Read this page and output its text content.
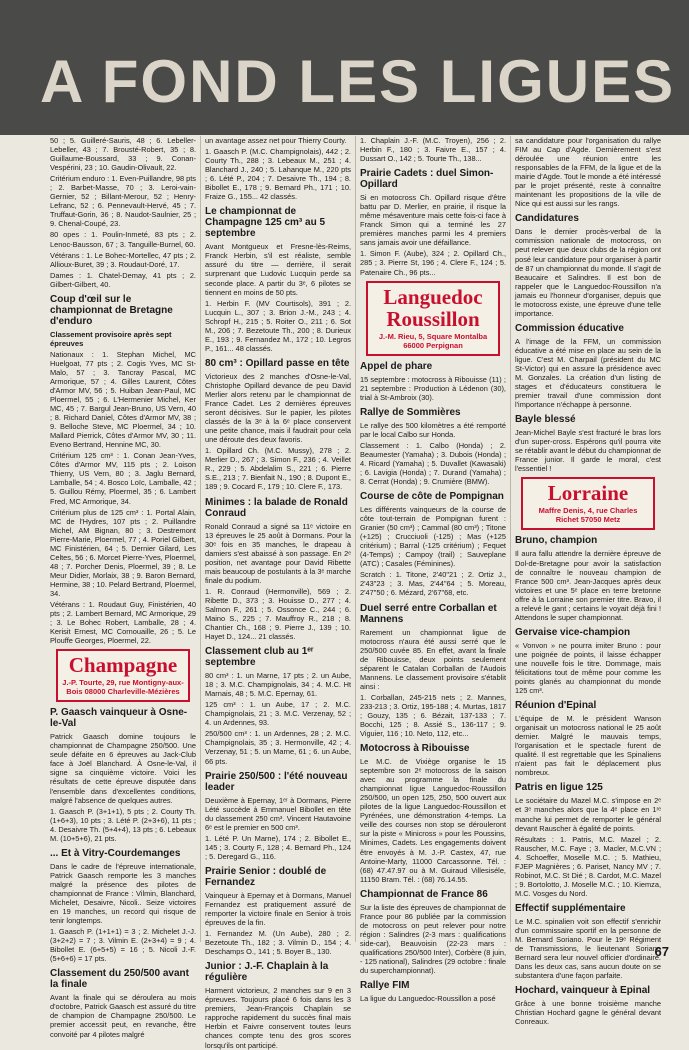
A FOND LES LIGUES

50 ; 5. Guilleré-Sauris, 48 ; 6. Lebeller-Lebeller, 43 ; 7. Brousté-Robert, 35 ; 8. Guillaume-Boussard, 33 ; 9. Conan-Vespérini, 23 ; 10. Gaudin-Olivault, 22.

Critérium enduro : 1. Even-Puillandre, 98 pts ; 2. Barbet-Masse, 70 ; 3. Leroi-vain-Gernier, 52 ; Billant-Merour, 52 ; Henry-Lefranc, 52 ; 6. Pennevault-Hervé, 45 ; 7. Truffaut-Gorin, 36 ; 8. Naudot-Saulnier, 25 ; 9. Chenal-Coupé, 23.

80 opes : 1. Poulin-Inmeté, 83 pts ; 2. Lenoc-Bausson, 67 ; 3. Tanguille-Burnel, 60.

Vétérans : 1. Le Bohec-Mortellec, 47 pts ; 2. Allioux-Buret, 39 ; 3. Roudaut-Doré, 17.

Dames : 1. Chatel-Demay, 41 pts ; 2. Gilbert-Gilbert, 40.

Coup d'œil sur le championnat de Bretagne d'enduro
Classement provisoire après sept épreuves

Nationaux : 1. Stephan Michel, MC Huelgoat, 77 pts ; 2. Cogis Yves, MC St-Malo, 57 ; 3. Tancray Pascal, MC Armorique, 57 ; 4. Gilles Laurent, Côtes d'Armor MV, 56 ; 5. Huiban Jean-Paul, MC Ploermel, 55 ; 6. L'Hermenier Michel, Ker MC, 45 ; 7. Bargul Jean-Bruno, US Vern, 40 ; 8. Richard Daniel, Côtes d'Armor MV, 38 ; 9. Belloche Steve, MC Ploermel, 34 ; 10. Mallard Pierrick, Côtes d'Armor MV, 30 ; 11. Evenо Bertrand, Hennine MC, 30.

Critérium 125 cm³ : 1. Conan Jean-Yves, Côtes d'Armor MV, 115 pts ; 2. Loison Thierry, US Vern, 80 ; 3. Jaglu Bernard, Lamballe, 54 ; 4. Bosco Loïc, Lamballe, 42 ; 5. Guillou Rémy, Ploermel, 35 ; 6. Lambert Fred, MC Armorique, 34.

Critérium plus de 125 cm³ : 1. Portal Alain, MC de l'Hydres, 107 pts ; 2. Puillandre Michel, AM Bignan, 80 ; 3. Destremont Pierre-Marie, Ploermel, 77 ; 4. Poriel Gilbert, MC Finistérien, 64 ; 5. Dernier Gilard, Les Celtes, 56 ; 6. Morcet Pierre-Yves, Ploermel, 48 ; 7. Porcher Denis, Ploermel, 39 ; 8. Le Meur Didier, Morlaix, 38 ; 9. Baron Bernard, Hermine, 38 ; 10. Pelard Bertrand, Ploermel, 34.

Vétérans : 1. Roudaut Guy, Finistérien, 40 pts ; 2. Lambert Bernard, MC Armorique, 29 ; 3. Le Bohec Robert, Lamballe, 28 ; 4. Kerisit Ernest, MC Cornouaille, 26 ; 5. Le Plouffe Georges, Ploermel, 22.

Champagne
J.-P. Tourte, 29, rue Montigny-aux-Bois 08000 Charleville-Mézières
P. Gaasch vainqueur à Osne-le-Val

Patrick Gaasch domine toujours le championnat de Champagne 250/500. Une seule défaite en 6 épreuves au Jack-Club face à Joël Blanchard. À Osne-le-Val, il signe sa cinquième victoire. Voici les résultats de cette épreuve disputée dans l'ensemble dans d'excellentes conditions, malgré l'absence de quelques autres.

1. Gaasch P. (3+1+1), 5 pts ; 2. Courty Th. (1+6+3), 10 pts ; 3. Lété P. (2+3+6), 11 pts ; 4. Desaivre Th. (5+4+4), 13 pts ; 6. Lebeaux M. (10+5+6), 21 pts.

... Et à Vitry-Courdemanges

Dans le cadre de l'épreuve internationale, Patrick Gaasch remporte les 3 manches malgré la présence des pilotes de championnat de France : Vilmin, Blanchard, Michelet, Desaivre, Nicoli.. Seize victoires en 19 manches, un record qui risque de tenir longtemps.

1. Gaasch P. (1+1+1) = 3 ; 2. Michelet J.-J. (3+2+2) = 7 ; 3. Vilmin E. (2+3+4) = 9 ; 4. Bibollet E. (6+5+5) = 16 ; 5. Nicoli J.-F. (5+6+6) = 17 pts.

Classement du 250/500 avant la finale

Avant la finale qui se déroulera au mois d'octobre, Patrick Gaasch est assuré du titre de champion de Champagne 250/500. Le premier accessit peut, en revanche, être convoité par 4 pilotes malgré

un avantage assez net pour Thierry Courty.

1. Gaasch P. (M.C. Champignolais), 442 ; 2. Courty Th., 288 ; 3. Lebeaux M., 251 ; 4. Blanchard J., 240 ; 5. Lahanque M., 220 pts ; 6. Lété P., 204 ; 7. Desaivre Th., 194 ; 8. Bibollet E., 178 ; 9. Bernard Ph., 171 ; 10. Fraize G., 155... 42 classés.

Le championnat de Champagne 125 cm³ au 5 septembre

Avant Montgueux et Fresne-lès-Reims, Franck Herbin, s'il est réaliste, semble assuré du titre — derrière, il serait surprenant que Ludovic Lucquin perde sa seconde place. A partir du 3ᵉ, 6 pilotes se tiennent en moins de 50 pts.

1. Herbin F. (MV Courtisols), 391 ; 2. Lucquin L., 307 ; 3. Brion J.-M., 243 ; 4. Schropf H., 215 ; 5. Roiter O., 211 ; 6. Sot M., 206 ; 7. Bezetoute Th., 200 ; 8. Durieux E., 193 ; 9. Fernandez M., 172 ; 10. Legros P., 161... 48 classés.

80 cm³ : Opillard passe en tête

Victorieux des 2 manches d'Osne-le-Val, Christophe Opillard devance de peu David Merlier alors retenu par le championnat de France Cadet. Les 2 dernières épreuves seront décisives. Sur le papier, les pilotes classés de la 3ᵉ à la 6ᵉ place conservent une petite chance, mais il faudrait pour cela une déroute des deux favoris.

1. Opillard Ch. (M.C. Mussy), 278 ; 2. Merlier D., 267 ; 3. Simon F., 236 ; 4. Veillet R., 229 ; 5. Abdelalim S., 221 ; 6. Pierre S.E., 213 ; 7. Bienfait N., 190 ; 8. Dupont E., 189 ; 9. Cocard F., 179 ; 10. Clere F., 173.

Minimes : la balade de Ronald Conraud

Ronald Conraud a signé sa 11ᵉ victoire en 13 épreuves le 25 août à Dormans. Pour la 30ᵉ fois en 35 manches, le drapeau à damiers s'est abaissé à son passage. En 2ᵉ position, net avantage pour David Ribette mais beaucoup de postulants à la 3ᵉ marche finale du podium.

1. R. Conraud (Hermonville), 569 ; 2. Ribette D., 373 ; 3. Houisse D., 277 ; 4. Salmon F., 261 ; 5. Ossonce C., 244 ; 6. Maino S., 225 ; 7. Mauffroy R., 218 ; 8. Chantier Ch., 168 ; 9. Pierre J., 139 ; 10. Hayet D., 124... 21 classés.

Classement club au 1ᵉʳ septembre

80 cm³ : 1. un Marne, 17 pts ; 2. un Aube, 18 ; 3. M.C. Champignolais, 34 ; 4. M.C. Ht Marnais, 48 ; 5. M.C. Epernay, 61.

125 cm³ : 1. un Aube, 17 ; 2. M.C. Champignolais, 21 ; 3. M.C. Verzenay, 52 ; 4. un Ardennes, 93.

250/500 cm³ : 1. un Ardennes, 28 ; 2. M.C. Champignolais, 35 ; 3. Hermonville, 42 ; 4. Verzenay, 51 ; 5. un Marne, 61 ; 6. un Aube, 66 pts.

Prairie 250/500 : l'été nouveau leader

Deuxième à Epernay, 1ᵉʳ à Dormans, Pierre Lété succède à Emmanuel Bibollet en tête du classement 250 cm³. Vincent Hautavoine 6ᵉ est le premier en 500 cm³.

1. Lété P. Un Marne), 174 ; 2. Bibollet E., 145 ; 3. Courty F., 128 ; 4. Bernard Ph., 124 ; 5. Deregard G., 116.

Prairie Senior : doublé de Fernandez

Vainqueur à Epernay et à Dormans, Manuel Fernandez est pratiquement assuré de remporter la victoire finale en Senior à trois épreuves de la fin.

1. Fernandez M. (Un Aube), 280 ; 2. Bezetoute Th., 182 ; 3. Vilmin D., 154 ; 4. Deschamps O., 141 ; 5. Boyer B., 130.

Junior : J.-F. Chaplain à la régulière

Harment victorieux, 2 manches sur 9 en 3 épreuves. Toujours placé 6 fois dans les 3 premiers, Jean-François Chaplain se rapproche rapidement du succès final mais Herbin et Faivre conservent toutes leurs chances compte tenu des gros scores lorsqu'ils ont participé.

1. Chaplain J.-F. (M.C. Troyen), 256 ; 2. Herbin F., 180 ; 3. Faivre E., 157 ; 4. Dussart O., 142 ; 5. Tourte Th., 138...

Prairie Cadets : duel Simon-Opillard

Si en motocross Ch. Opillard risque d'être battu par D. Merlier, en prairie, il risque la même mésaventure mais cette fois-ci face à Franck Simon qui a terminé les 27 premières manches parmi les 4 premiers sans jamais avoir une défaillance.

1. Simon F. (Aube), 324 ; 2. Opillard Ch., 285 ; 3. Pierre St, 196 ; 4. Clere F., 124 ; 5. Patenaire Ch., 96 pts...

Languedoc Roussillon
J.-M. Rieu, 5, Square Montalba 66000 Perpignan
Appel de phare

15 septembre : motocross à Ribouisse (11) ; 21 septembre : Production à Lédenon (30), trial à St-Ambroix (30).

Rallye de Sommières

Le rallye des 500 kilomètres a été remporté par le local Calbo sur Honda.

Classement : 1. Calbo (Honda) ; 2. Beaumester (Yamaha) ; 3. Dubois (Honda) ; 4. Ricard (Yamaha) ; 5. Duvallet (Kawasaki) ; 6. Lavigia (Honda) ; 7. Durand (Yamaha) ; 8. Cerrat (Honda) ; 9. Crumière (BMW).

Course de côte de Pompignan

Les différents vainqueurs de la course de côte tout-terrain de Pompignan furent : Granier (50 cm³) ; Cammal (80 cm³) ; Titone (+125) ; Crucciuoli (-125) ; Mas (+125 critérium) ; Barral (-125 critérium) ; Fequet (4-Temps) ; Campoy (trail) ; Sauveplane (ATC) ; Casales (Féminines).

Scratch : 1. Titone, 2'40"21 ; 2. Ortiz J., 2'43"23 ; 3. Mas, 2'44"64 ; 5. Moreau, 2'47"50 ; 6. Mézard, 2'67"68, etc.

Duel serré entre Corballan et Mannens

Rarement un championnat ligue de motocross n'aura été aussi serré que le 250/500 cuvée 85. En effet, avant la finale de Ribouisse, deux points seulement séparent le Catalan Corballan de l'Audois Mannens. Le classement provisoire s'établit ainsi :

1. Corballan, 245-215 nets ; 2. Mannes, 233-213 ; 3. Ortiz, 195-188 ; 4. Murtas, 1817 ; Gouzy, 135 ; 6. Bézait, 137-133 ; 7. Bocchi, 125 ; 8. Assié S., 136-117 ; 9. Viguier, 116 ; 10. Neto, 112, etc...

Motocross à Ribouisse

Le M.C. de Vixiège organise le 15 septembre son 2ᵉ motocross de la saison avec au programme la finale du championnat ligue Languedoc-Roussillon 250/500, un open 125, 250, 500 ouvert aux pilotes de la ligue Languedoc-Roussillon et Pyrénées, une démonstration 4-temps. La veille des courses non stop se dérouleront sur la piste « Minicross » pour les Poussins, Minimes, Cadets. Les engagements doivent être envoyés à M. J.-P. Castex, 47, rue Antoine-Marty, 11000 Carcassonne. Tél. : (68) 47.47.97 ou à M. Guiraud Villesiséle, 11150 Bram. Tél. : (68) 76.14.55.

Championnat de France 86

Sur la liste des épreuves de championnat de France pour 86 publiée par la commission de motocross on peut relever pour notre région : Salindres (2-3 mars : qualifications side-car), Beauvoisin (22-23 mars : qualifications 250/500 Inter), Corbère (8 juin, - 125 national), Salindres (29 octobre : finale du superchampionnat).

Rallye FIM

La ligue du Languedoc-Roussillon a posé

sa candidature pour l'organisation du rallye FIM au Cap d'Agde. Dernièrement s'est déroulée une réunion entre les responsables de la FFM, de la ligue et de la mairie d'Agde. Tout le monde a été intéressé par le projet présenté, reste à connaître maintenant les propositions de la ville de Nice qui est aussi sur les rangs.

Candidatures

Dans le dernier procès-verbal de la commission nationale de motocross, on peut relever que deux clubs de la région ont posé leur candidature pour organiser à partir de 87 un championnat du monde. Il s'agit de Beaucaire et Salindres. Il est bon de rappeler que le Languedoc-Roussillon n'a jamais eu l'honneur d'organiser, depuis que le motocross existe, une épreuve d'une telle importance.

Commission éducative

A l'image de la FFM, un commission éducative a été mise en place au sein de la ligue. C'est M. Charpail (président du MC St-Victor) qui en assure la présidence avec M. Gonzales. La création d'un listing de stages et d'éducateurs constituera le premier travail d'une commission dont l'importance n'échappe à personne.

Bayle blessé

Jean-Michel Bayle s'est fracturé le bras lors d'un super-cross. Espérons qu'il pourra vite se rétablir avant le début du championnat de France junior. Il garde le moral, c'est l'essentiel !

Lorraine
Maffre Denis, 4, rue Charles Richet 57050 Metz
Bruno, champion

Il aura fallu attendre la dernière épreuve de Dol-de-Bretagne pour avoir la satisfaction de connaître le nouveau champion de France 500 cm³. Jean-Jacques après deux victoires et une 5ᵉ place en terre bretonne offre à la Lorraine son premier titre. Bravo, il a relevé le gant ; certains le voyait déjà fini ! Attendons le super championnat.

Gervaise vice-champion

« Vonvon » ne pourra imiter Bruno : pour une poignée de points, il laisse échapper une nouvelle fois le titre. Dommage, mais félicitations tout de même pour comme les points glanés au championnat du monde 125 cm³.

Réunion d'Epinal

L'équipe de M. le président Wanson organisait un motocross national le 25 août dernier. Malgré le mauvais temps, l'organisation et le spectacle furent de qualité. Il est regrettable que les Spinaliens n'aient pas fait le déplacement plus nombreux.

Patris en ligue 125

Le sociétaire du Mazel M.C. s'impose en 2ᵉ et 3ᵉ manches alors que la 4ᵉ place en 1ʳᵉ manche lui permet de remporter le général devant Rauscher à égalité de points.

Résultats : 1. Patris, M.C. Mazel ; 2. Rauscher, M.C. Faye ; 3. Macler, M.C.VN ; 4. Schoeffer, Moselle M.C. ; 5. Mathieu, FJEP Magnières ; 6. Pariset, Nancy MV ; 7. Robinot, M.C. St Dié ; 8. Cardot, M.C. Mazel ; 9. Bortolotto, J. Moselle M.C. ; 10. Kiemza, M.C. Vosges du Nord.

Effectif supplémentaire

Le M.C. spinalien voit son effectif s'enrichir d'un commissaire sportif en la personne de M. Bernard Soriano. Pour le 19ᵉ Régiment de Transmissions, le lieutenant Soriano Bernard sera leur nouvel officier d'ordinaire. Dans les deux cas, sans aucun doute on se substantera d'une façon parfaite.

Hochard, vainqueur à Epinal

Grâce à une bonne troisième manche Christian Hochard gagne le général devant Conreaux.

67
